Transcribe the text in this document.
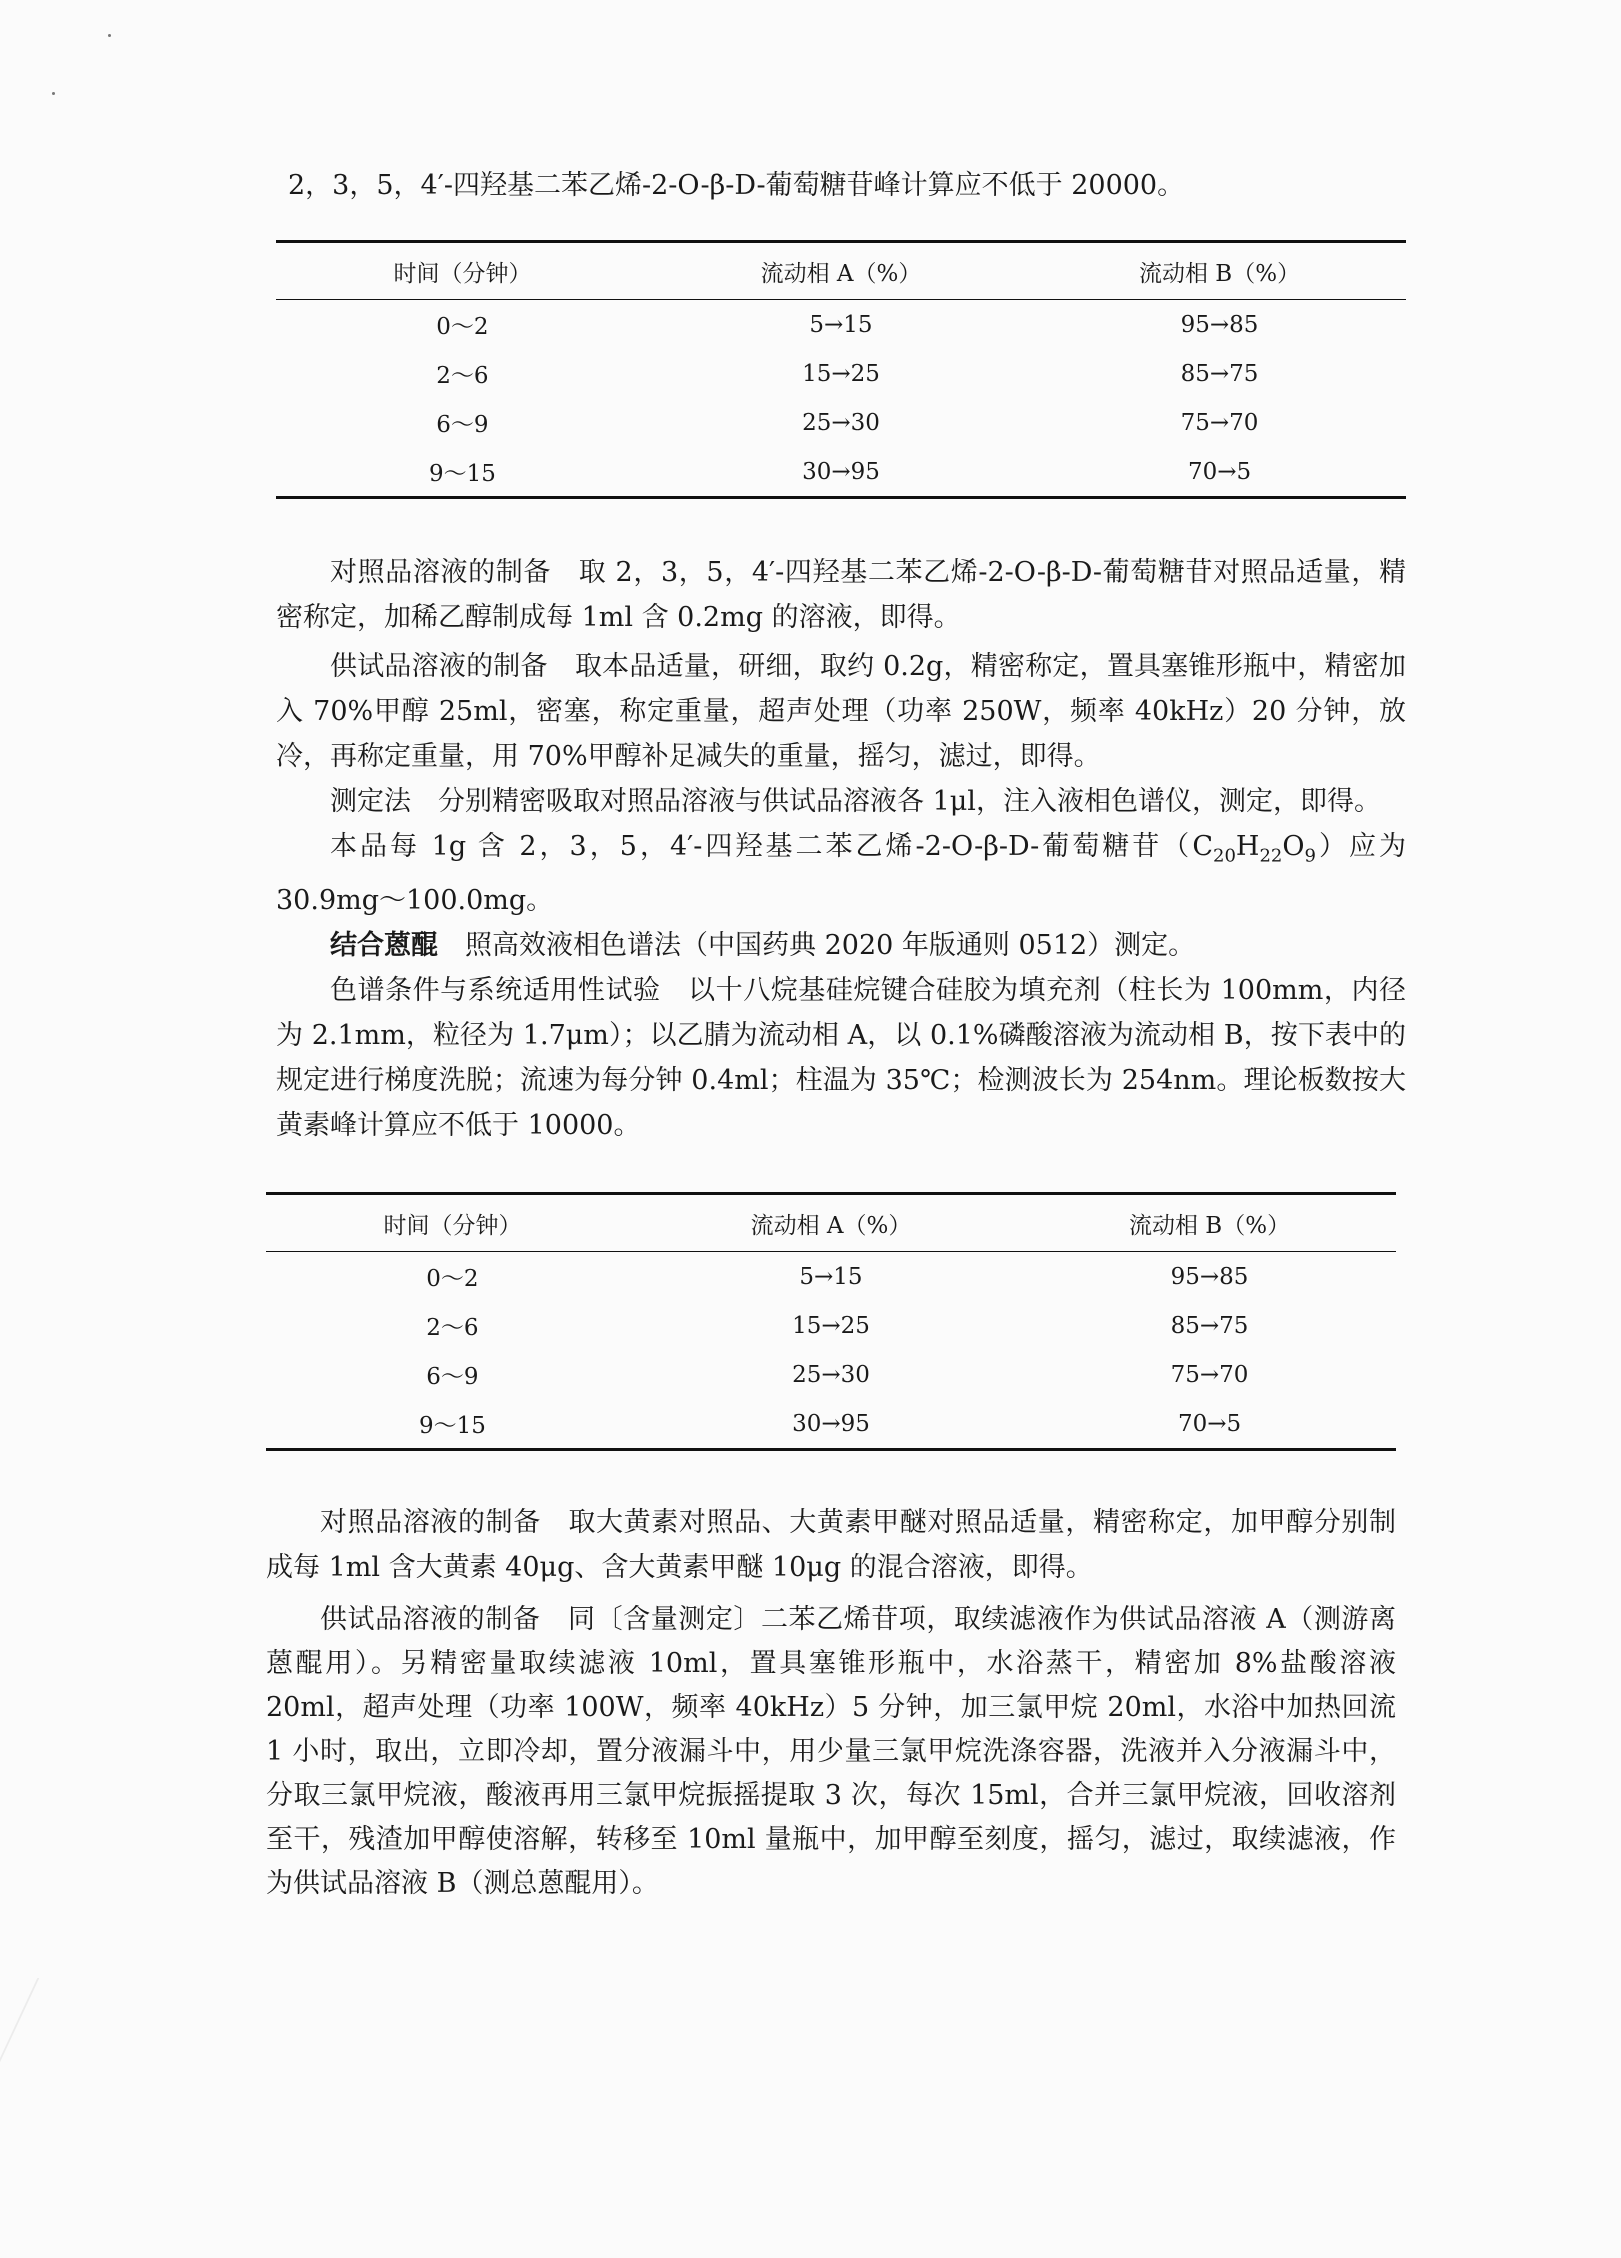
2，3，5，4′-四羟基二苯乙烯-2-O-β-D-葡萄糖苷峰计算应不低于 20000。

时间（分钟）	流动相 A（%）	流动相 B（%）
0～2	5→15	95→85
2～6	15→25	85→75
6～9	25→30	75→70
9～15	30→95	70→5

对照品溶液的制备　取 2，3，5，4′-四羟基二苯乙烯-2-O-β-D-葡萄糖苷对照品适量，精密称定，加稀乙醇制成每 1ml 含 0.2mg 的溶液，即得。

供试品溶液的制备　取本品适量，研细，取约 0.2g，精密称定，置具塞锥形瓶中，精密加入 70%甲醇 25ml，密塞，称定重量，超声处理（功率 250W，频率 40kHz）20 分钟，放冷，再称定重量，用 70%甲醇补足减失的重量，摇匀，滤过，即得。

测定法　分别精密吸取对照品溶液与供试品溶液各 1μl，注入液相色谱仪，测定，即得。

本品每 1g 含 2，3，5，4′-四羟基二苯乙烯-2-O-β-D-葡萄糖苷$(C_{20}H_{22}O_9)$应为 30.9mg～100.0mg。

结合蒽醌　照高效液相色谱法（中国药典 2020 年版通则 0512）测定。

色谱条件与系统适用性试验　以十八烷基硅烷键合硅胶为填充剂（柱长为 100mm，内径为 2.1mm，粒径为 1.7μm）；以乙腈为流动相 A，以 0.1%磷酸溶液为流动相 B，按下表中的规定进行梯度洗脱；流速为每分钟 0.4ml；柱温为 35℃；检测波长为 254nm。理论板数按大黄素峰计算应不低于 10000。

时间（分钟）	流动相 A（%）	流动相 B（%）
0～2	5→15	95→85
2～6	15→25	85→75
6～9	25→30	75→70
9～15	30→95	70→5

对照品溶液的制备　取大黄素对照品、大黄素甲醚对照品适量，精密称定，加甲醇分别制成每 1ml 含大黄素 40μg、含大黄素甲醚 10μg 的混合溶液，即得。

供试品溶液的制备　同〔含量测定〕二苯乙烯苷项，取续滤液作为供试品溶液 A（测游离蒽醌用）。另精密量取续滤液 10ml，置具塞锥形瓶中，水浴蒸干，精密加 8%盐酸溶液 20ml，超声处理（功率 100W，频率 40kHz）5 分钟，加三氯甲烷 20ml，水浴中加热回流 1 小时，取出，立即冷却，置分液漏斗中，用少量三氯甲烷洗涤容器，洗液并入分液漏斗中，分取三氯甲烷液，酸液再用三氯甲烷振摇提取 3 次，每次 15ml，合并三氯甲烷液，回收溶剂至干，残渣加甲醇使溶解，转移至 10ml 量瓶中，加甲醇至刻度，摇匀，滤过，取续滤液，作为供试品溶液 B（测总蒽醌用）。
